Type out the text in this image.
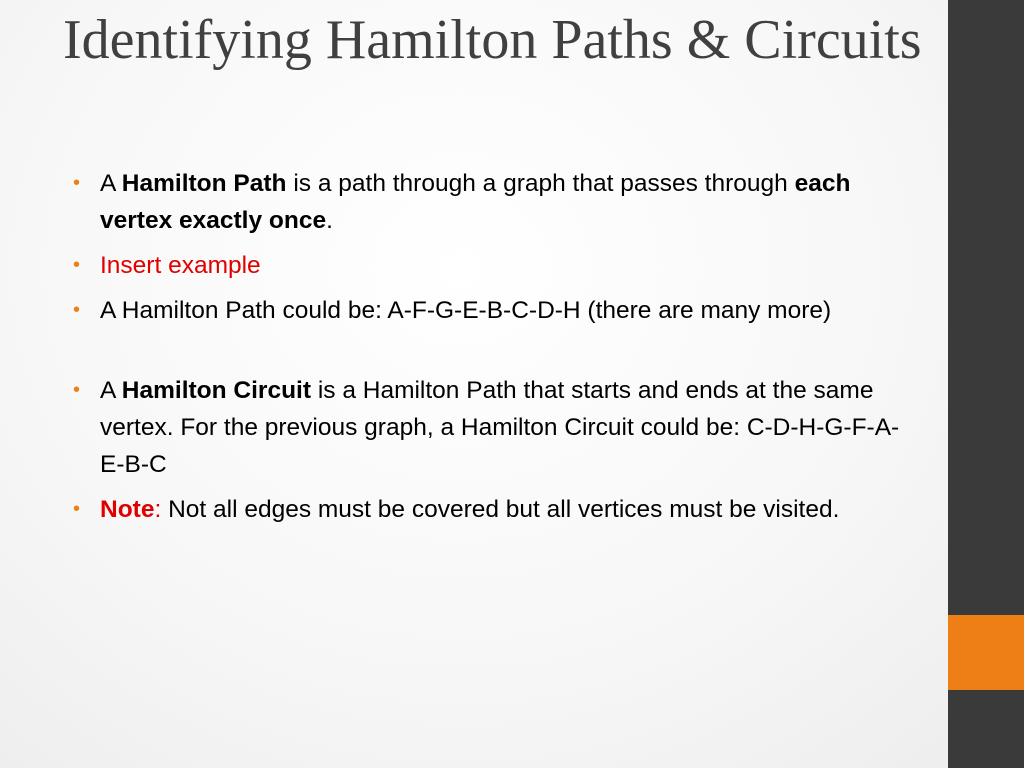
Identifying Hamilton Paths & Circuits
• A Hamilton Path is a path through a graph that passes through each vertex exactly once.
• Insert example
• A Hamilton Path could be: A-F-G-E-B-C-D-H (there are many more)
• A Hamilton Circuit is a Hamilton Path that starts and ends at the same vertex. For the previous graph, a Hamilton Circuit could be: C-D-H-G-F-A-E-B-C
• Note: Not all edges must be covered but all vertices must be visited.
